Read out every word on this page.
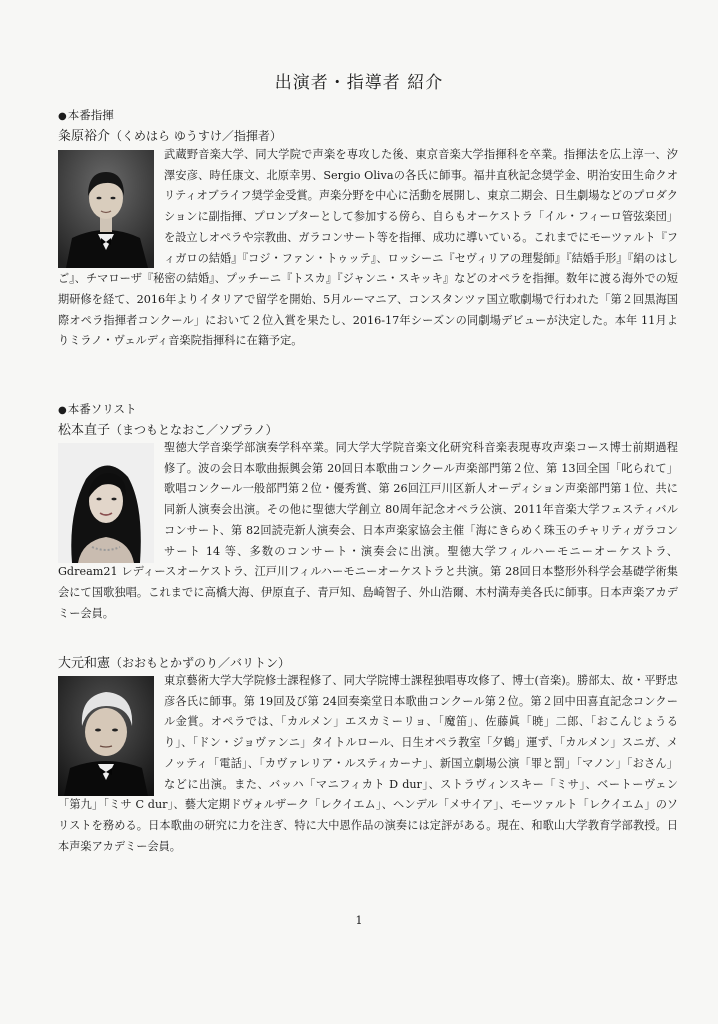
出演者・指導者 紹介
●本番指揮
粂原裕介（くめはら ゆうすけ／指揮者）
武蔵野音楽大学、同大学院で声楽を専攻した後、東京音楽大学指揮科を卒業。指揮法を広上淳一、汐澤安彦、時任康文、北原幸男、Sergio Olivaの各氏に師事。福井直秋記念奨学金、明治安田生命クオリティオブライフ奨学金受賞。声楽分野を中心に活動を展開し、東京二期会、日生劇場などのプロダクションに副指揮、プロンプターとして参加する傍ら、自らもオーケストラ「イル・フィーロ管弦楽団」を設立しオペラや宗教曲、ガラコンサート等を指揮、成功に導いている。これまでにモーツァルト『フィガロの結婚』『コジ・ファン・トゥッテ』、ロッシーニ『セヴィリアの理髪師』『結婚手形』『絹のはしご』、チマローザ『秘密の結婚』、プッチーニ『トスカ』『ジャンニ・スキッキ』などのオペラを指揮。数年に渡る海外での短期研修を経て、2016年よりイタリアで留学を開始、5月ルーマニア、コンスタンツァ国立歌劇場で行われた「第２回黒海国際オペラ指揮者コンクール」において２位入賞を果たし、2016-17年シーズンの同劇場デビューが決定した。本年 11月よりミラノ・ヴェルディ音楽院指揮科に在籍予定。
●本番ソリスト
松本直子（まつもとなおこ／ソプラノ）
聖徳大学音楽学部演奏学科卒業。同大学大学院音楽文化研究科音楽表現専攻声楽コース博士前期過程修了。波の会日本歌曲振興会第 20回日本歌曲コンクール声楽部門第２位、第 13回全国「叱られて」歌唱コンクール一般部門第２位・優秀賞、第 26回江戸川区新人オーディション声楽部門第１位、共に同新人演奏会出演。その他に聖徳大学創立 80周年記念オペラ公演、2011年音楽大学フェスティバルコンサート、第 82回読売新人演奏会、日本声楽家協会主催「海にきらめく珠玉のチャリティガラコンサート 14 等、多数のコンサート・演奏会に出演。聖徳大学フィルハーモニーオーケストラ、Gdream21 レディースオーケストラ、江戸川フィルハーモニーオーケストラと共演。第 28回日本整形外科学会基礎学術集会にて国歌独唱。これまでに高橋大海、伊原直子、青戸知、島崎智子、外山浩爾、木村満寿美各氏に師事。日本声楽アカデミー会員。
大元和憲（おおもとかずのり／バリトン）
東京藝術大学大学院修士課程修了、同大学院博士課程独唱専攻修了、博士(音楽)。勝部太、故・平野忠彦各氏に師事。第 19回及び第 24回奏楽堂日本歌曲コンクール第２位。第２回中田喜直記念コンクール金賞。オペラでは、「カルメン」エスカミーリョ、「魔笛」、佐藤眞「暁」二郎、「おこんじょうるり」、「ドン・ジョヴァンニ」タイトルロール、日生オペラ教室「夕鶴」運ず、「カルメン」スニガ、メノッティ「電話」、「カヴァレリア・ルスティカーナ」、新国立劇場公演「罪と罰」「マノン」「おさん」などに出演。また、バッハ「マニフィカト D dur」、ストラヴィンスキー「ミサ」、ベートーヴェン「第九」「ミサ C dur」、藝大定期ドヴォルザーク「レクイエム」、ヘンデル「メサイア」、モーツァルト「レクイエム」のソリストを務める。日本歌曲の研究に力を注ぎ、特に大中恩作品の演奏には定評がある。現在、和歌山大学教育学部教授。日本声楽アカデミー会員。
1
